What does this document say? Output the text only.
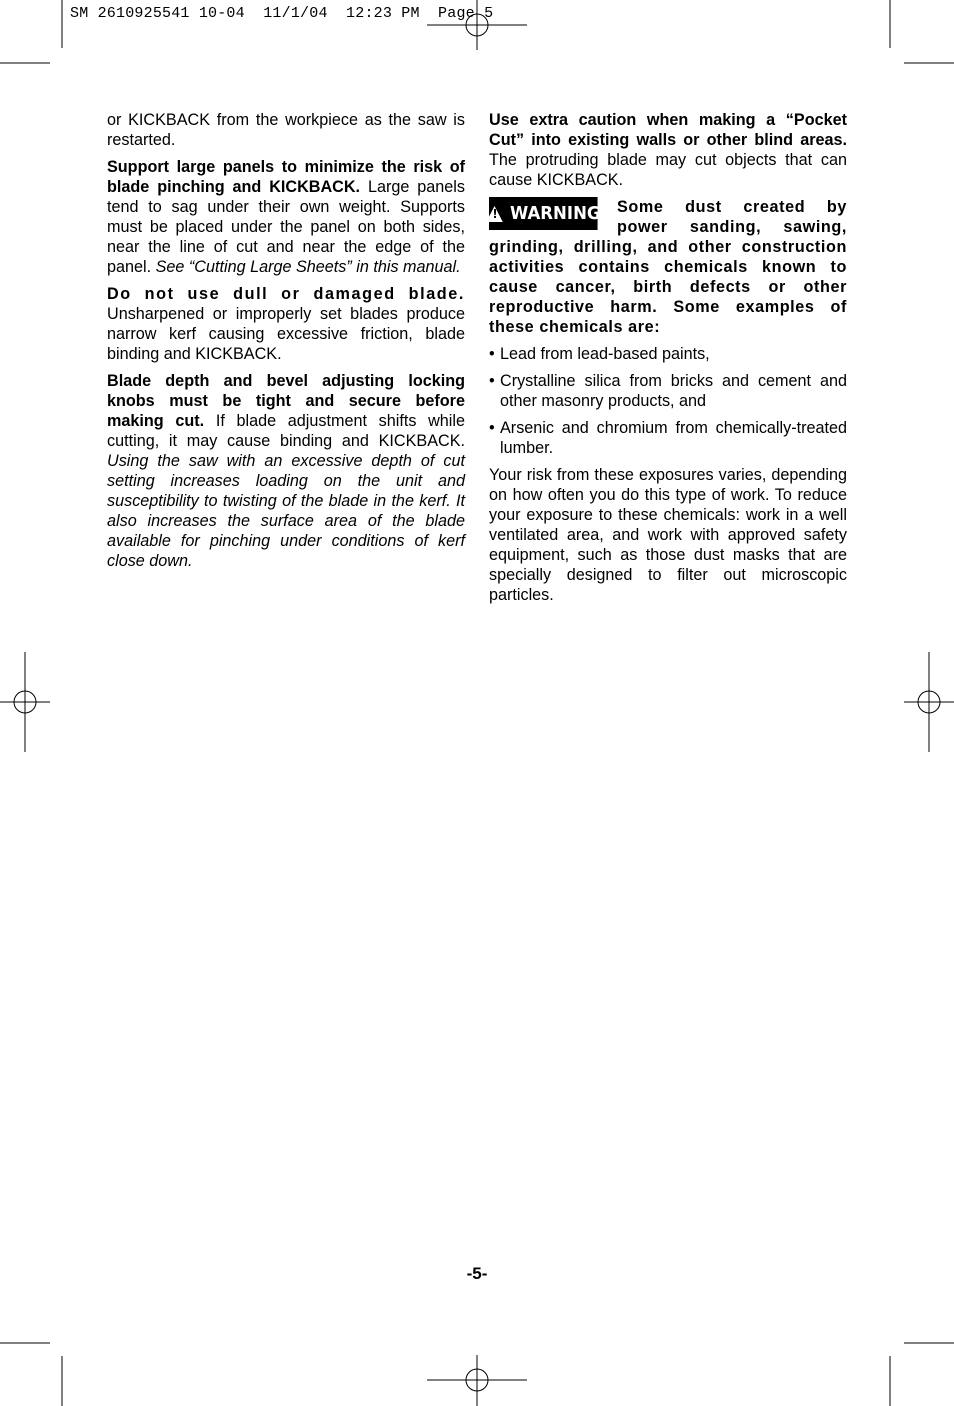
SM 2610925541 10-04  11/1/04  12:23 PM  Page 5

or KICKBACK from the workpiece as the saw is restarted.

Support large panels to minimize the risk of blade pinching and KICKBACK. Large panels tend to sag under their own weight. Supports must be placed under the panel on both sides, near the line of cut and near the edge of the panel. See “Cutting Large Sheets” in this manual.

Do not use dull or damaged blade. Unsharpened or improperly set blades produce narrow kerf causing excessive friction, blade binding and KICKBACK.

Blade depth and bevel adjusting locking knobs must be tight and secure before making cut. If blade adjustment shifts while cutting, it may cause binding and KICKBACK. Using the saw with an excessive depth of cut setting increases loading on the unit and susceptibility to twisting of the blade in the kerf. It also increases the surface area of the blade available for pinching under conditions of kerf close down.

Use extra caution when making a “Pocket Cut” into existing walls or other blind areas. The protruding blade may cut objects that can cause KICKBACK.

! WARNING Some dust created by power sanding, sawing, grinding, drilling, and other construction activities contains chemicals known to cause cancer, birth defects or other reproductive harm. Some examples of these chemicals are:
• Lead from lead-based paints,
• Crystalline silica from bricks and cement and other masonry products, and
• Arsenic and chromium from chemically-treated lumber.

Your risk from these exposures varies, depending on how often you do this type of work. To reduce your exposure to these chemicals: work in a well ventilated area, and work with approved safety equipment, such as those dust masks that are specially designed to filter out microscopic particles.

-5-
